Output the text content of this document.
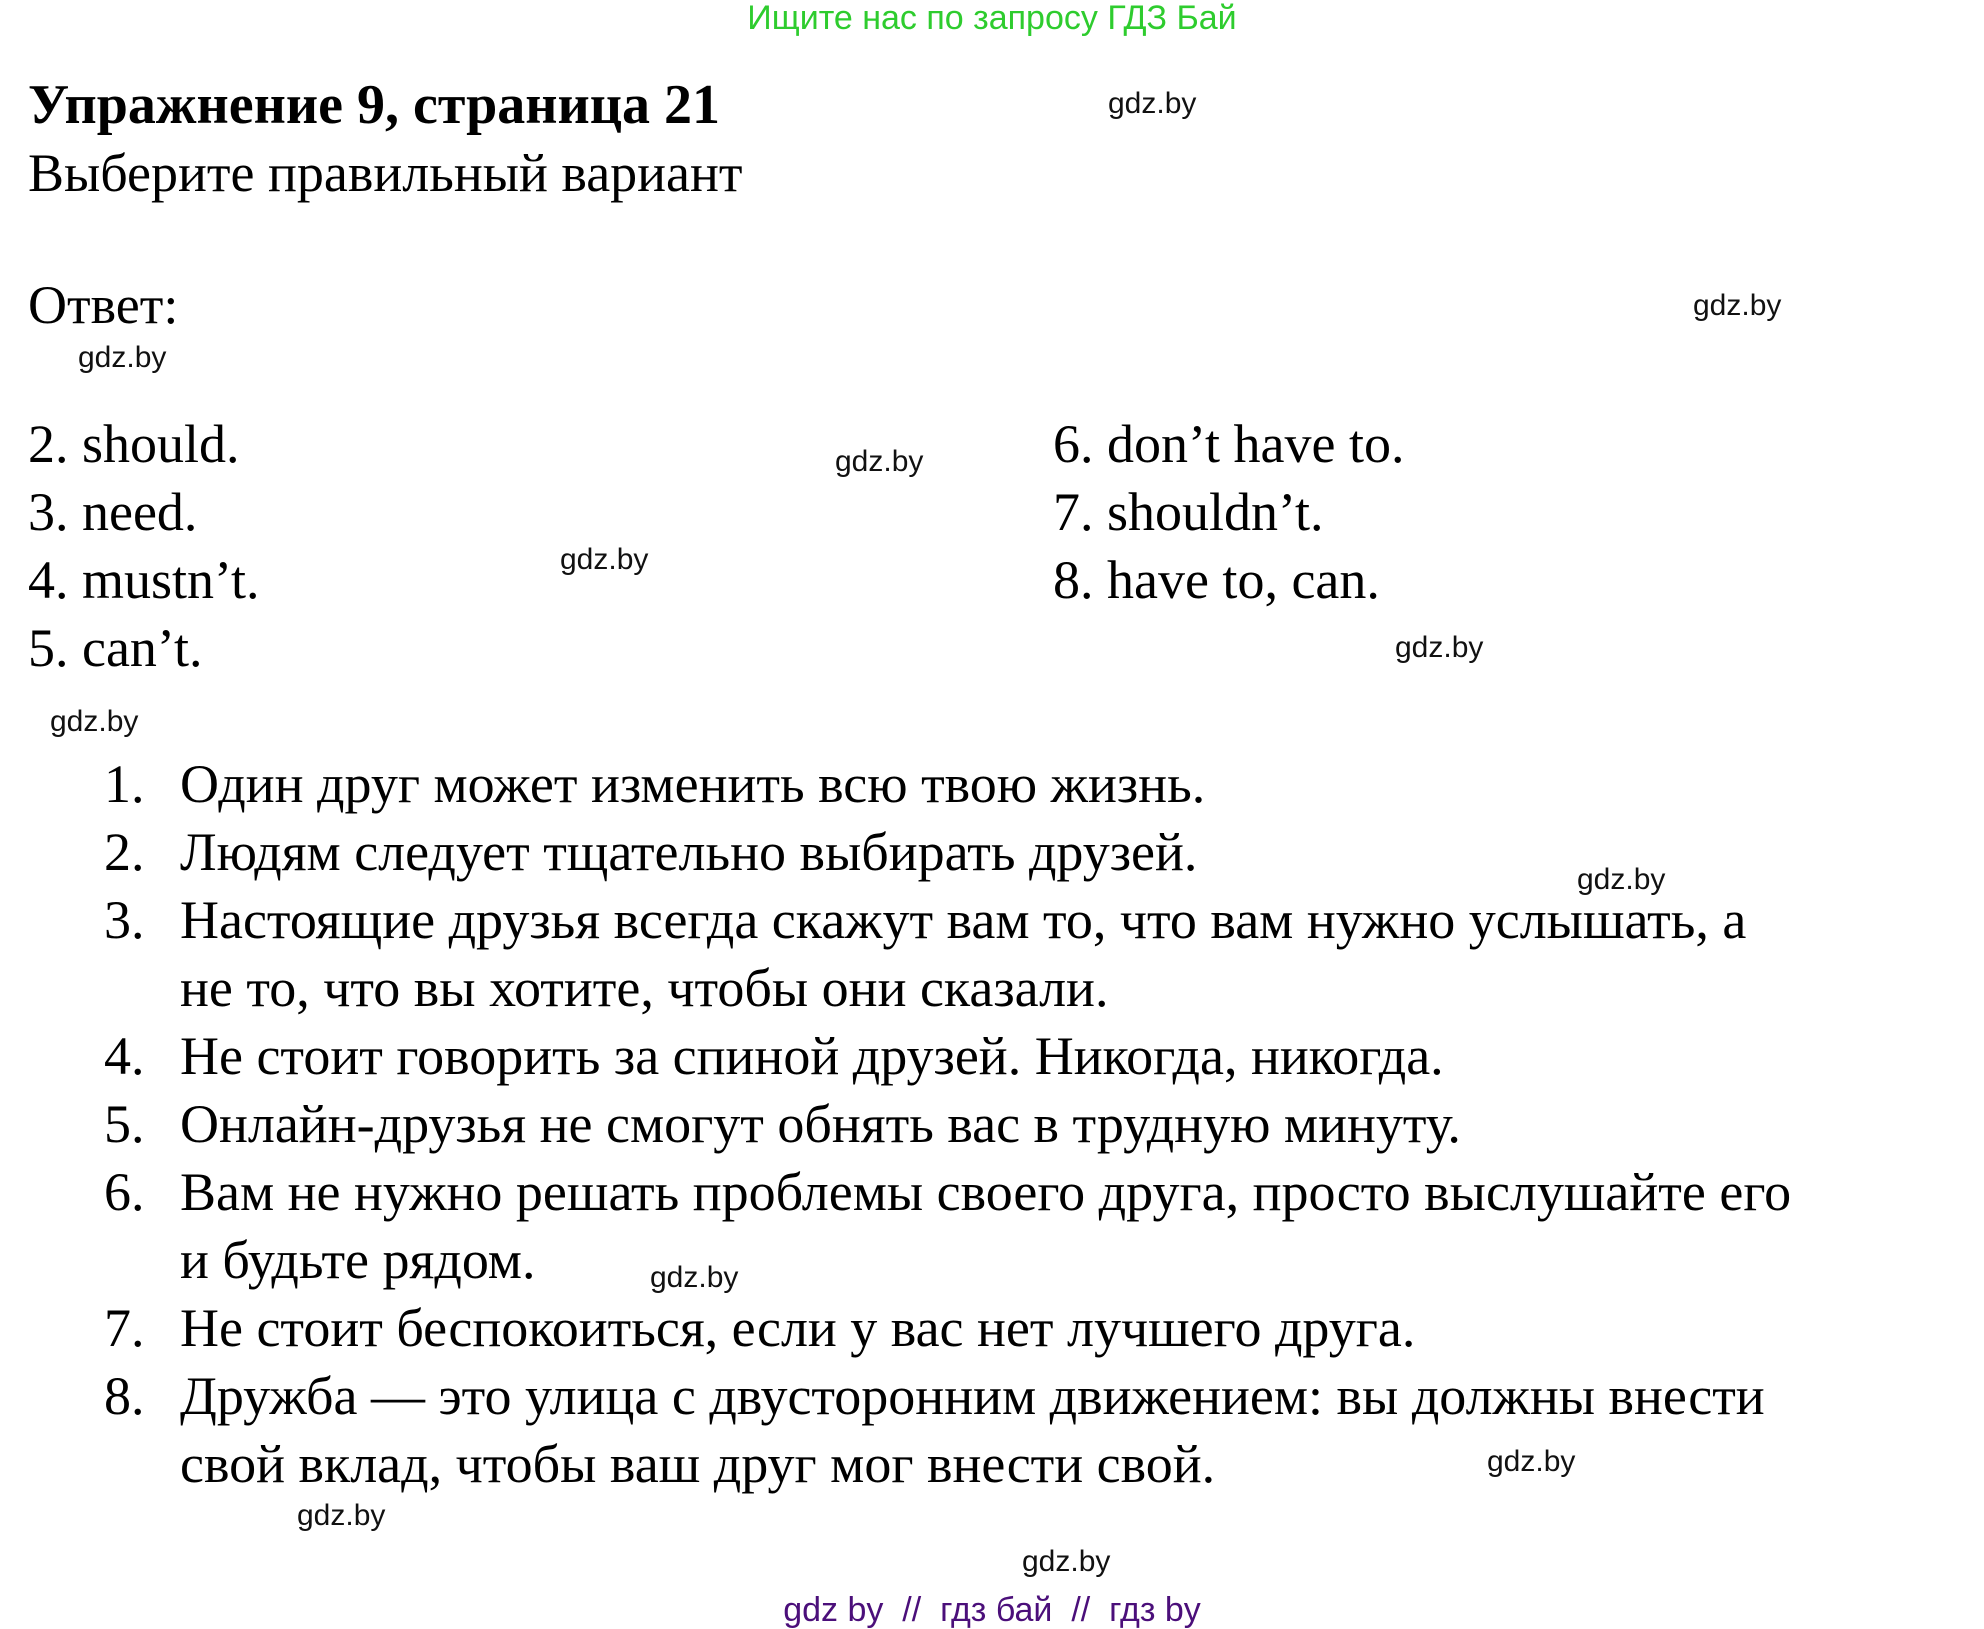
Ищите нас по запросу ГДЗ Бай
Упражнение 9, страница 21
Выберите правильный вариант
Ответ:
2. should.
3. need.
4. mustn’t.
5. can’t.
6. don’t have to.
7. shouldn’t.
8. have to, can.
1. Один друг может изменить всю твою жизнь.
2. Людям следует тщательно выбирать друзей.
3. Настоящие друзья всегда скажут вам то, что вам нужно услышать, а
не то, что вы хотите, чтобы они сказали.
4. Не стоит говорить за спиной друзей. Никогда, никогда.
5. Онлайн-друзья не смогут обнять вас в трудную минуту.
6. Вам не нужно решать проблемы своего друга, просто выслушайте его
и будьте рядом.
7. Не стоит беспокоиться, если у вас нет лучшего друга.
8. Дружба — это улица с двусторонним движением: вы должны внести
свой вклад, чтобы ваш друг мог внести свой.
gdz.by
gdz.by
gdz.by
gdz.by
gdz.by
gdz.by
gdz.by
gdz.by
gdz.by
gdz.by
gdz.by
gdz.by
gdz by  //  гдз бай  //  гдз by
